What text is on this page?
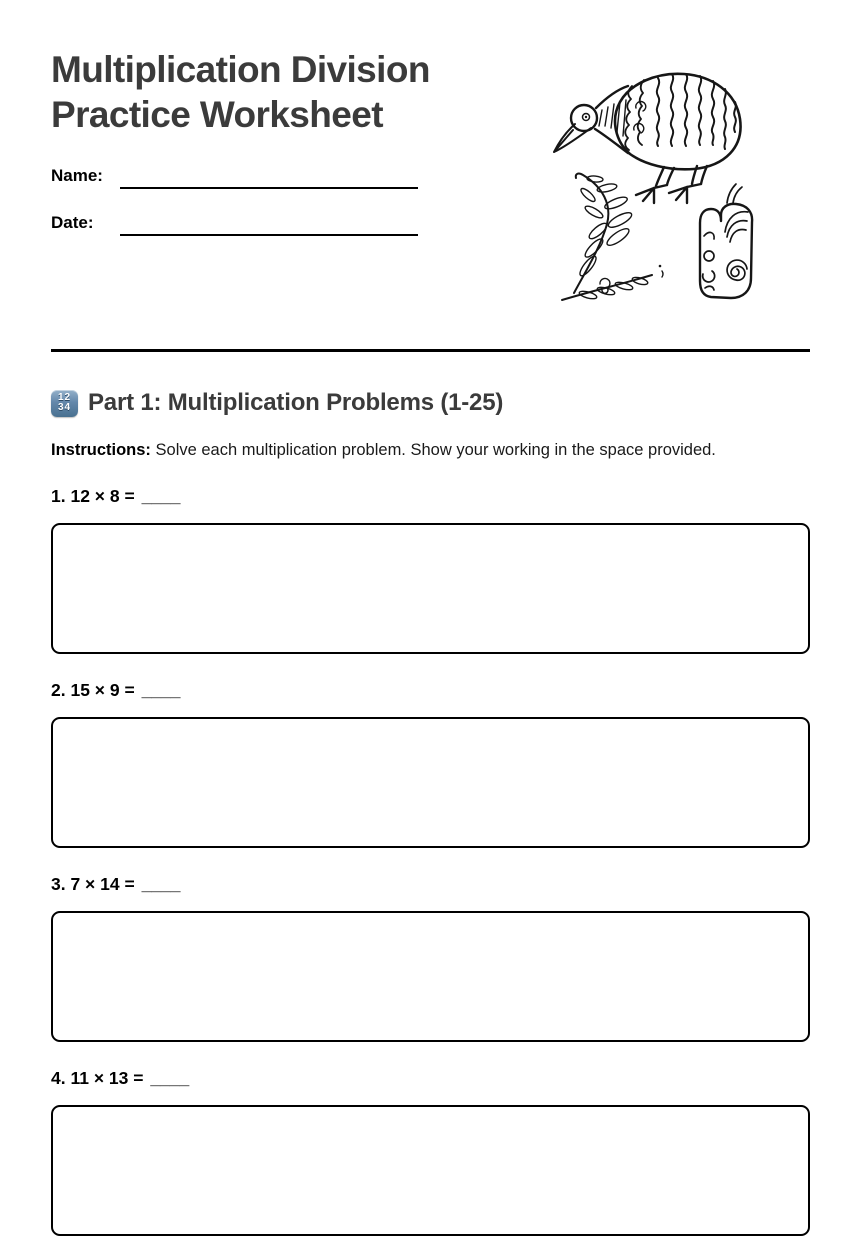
Multiplication Division
Practice Worksheet
Name:
Date:
12
34 Part 1: Multiplication Problems (1-25)

Instructions: Solve each multiplication problem. Show your working in the space provided.

1. 12 × 8 = ____

2. 15 × 9 = ____

3. 7 × 14 = ____

4. 11 × 13 = ____
